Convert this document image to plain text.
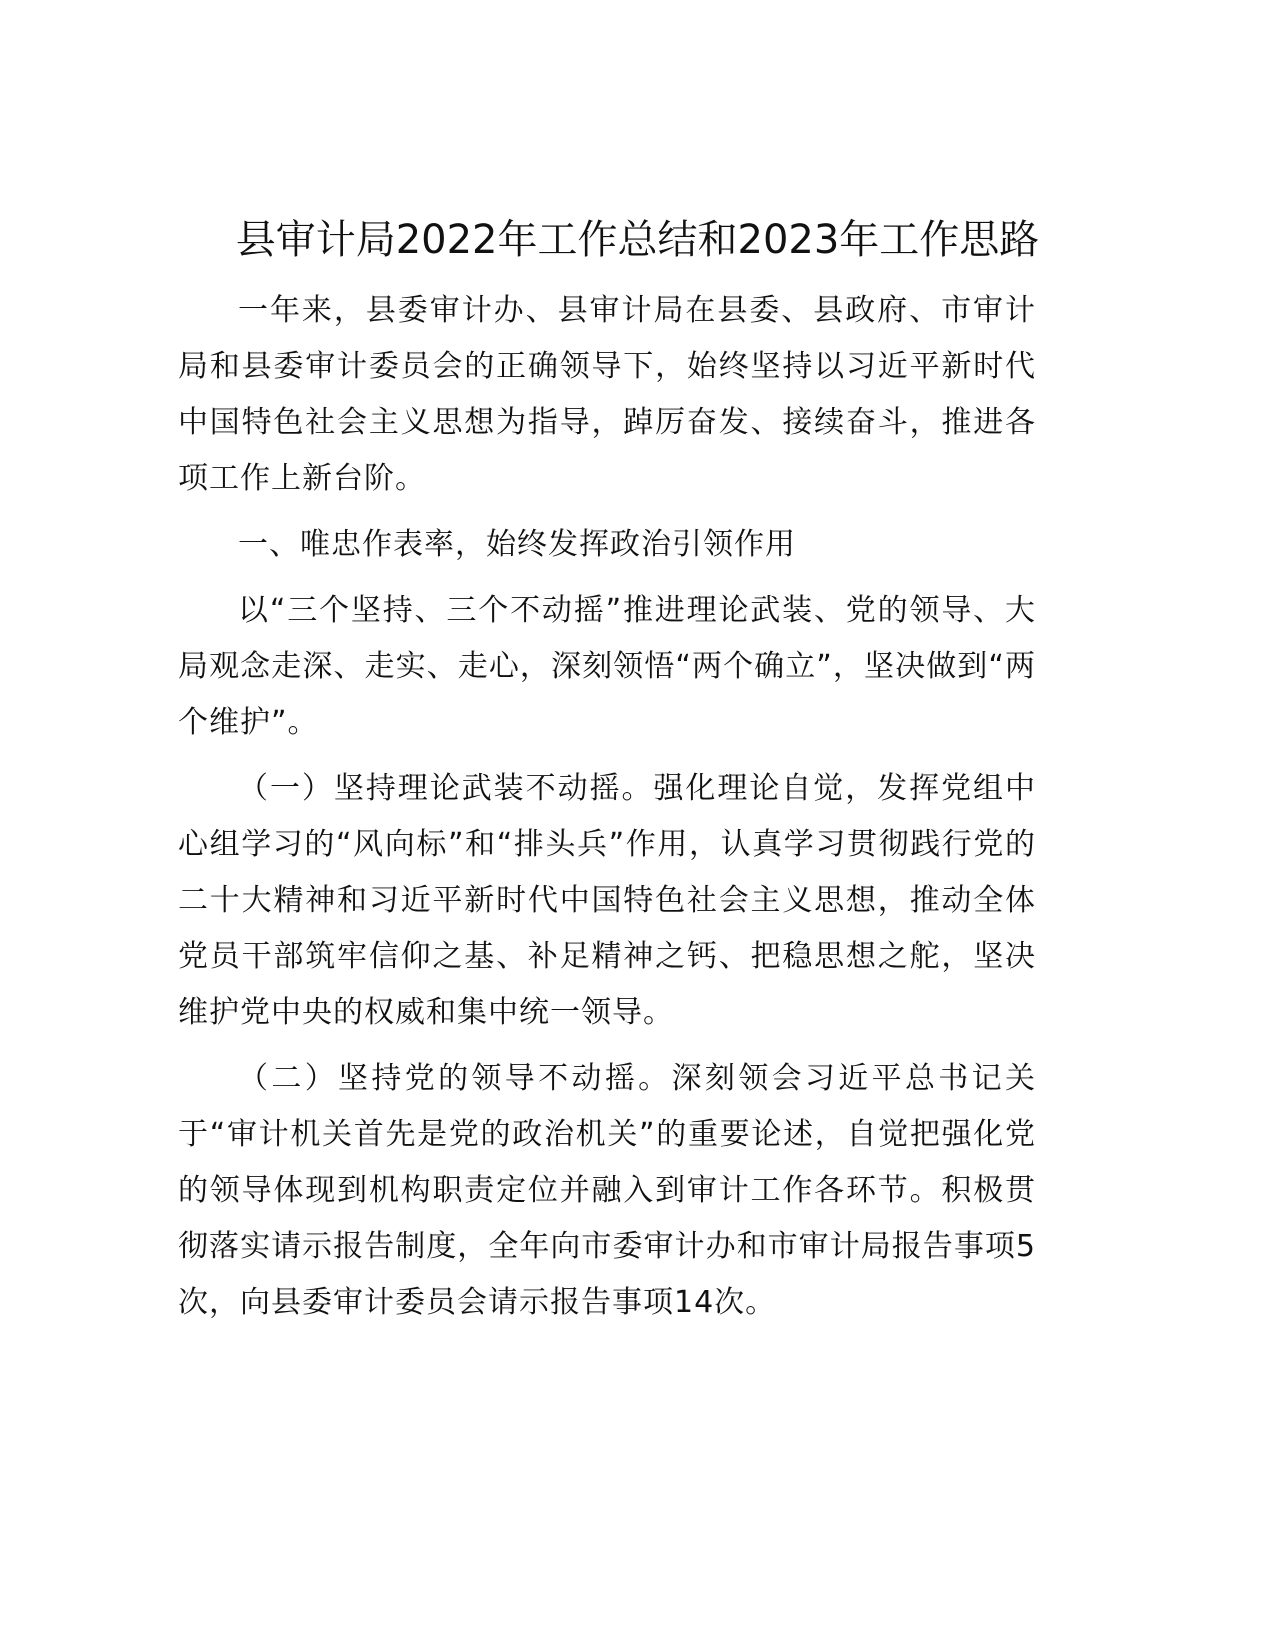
县审计局2022年工作总结和2023年工作思路

一年来，县委审计办、县审计局在县委、县政府、市审计局和县委审计委员会的正确领导下，始终坚持以习近平新时代中国特色社会主义思想为指导，踔厉奋发、接续奋斗，推进各项工作上新台阶。

一、唯忠作表率，始终发挥政治引领作用

以“三个坚持、三个不动摇”推进理论武装、党的领导、大局观念走深、走实、走心，深刻领悟“两个确立”，坚决做到“两个维护”。

（一）坚持理论武装不动摇。强化理论自觉，发挥党组中心组学习的“风向标”和“排头兵”作用，认真学习贯彻践行党的二十大精神和习近平新时代中国特色社会主义思想，推动全体党员干部筑牢信仰之基、补足精神之钙、把稳思想之舵，坚决维护党中央的权威和集中统一领导。

（二）坚持党的领导不动摇。深刻领会习近平总书记关于“审计机关首先是党的政治机关”的重要论述，自觉把强化党的领导体现到机构职责定位并融入到审计工作各环节。积极贯彻落实请示报告制度，全年向市委审计办和市审计局报告事项5次，向县委审计委员会请示报告事项14次。
